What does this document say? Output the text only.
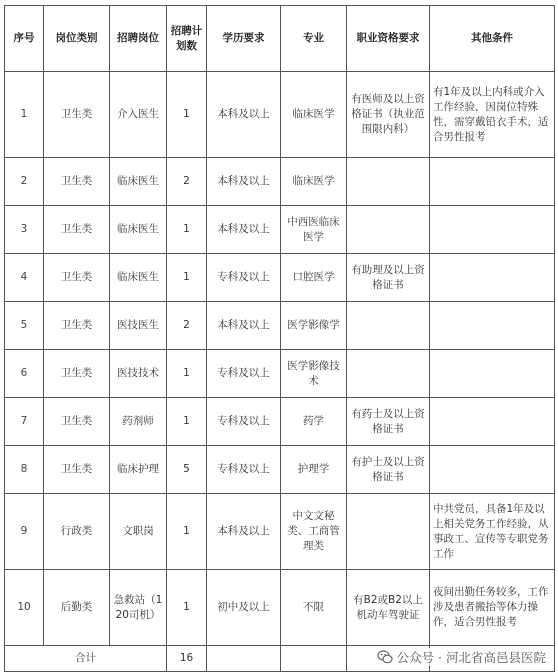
序号	岗位类别	招聘岗位	招聘计划数	学历要求	专业	职业资格要求	其他条件
1	卫生类	介入医生	1	本科及以上	临床医学	有医师及以上资格证书（执业范围限内科）	有1年及以上内科或介入工作经验，因岗位特殊性，需穿戴铅衣手术，适合男性报考
2	卫生类	临床医生	2	本科及以上	临床医学		
3	卫生类	临床医生	1	本科及以上	中西医临床医学		
4	卫生类	临床医生	1	专科及以上	口腔医学	有助理及以上资格证书	
5	卫生类	医技医生	2	本科及以上	医学影像学		
6	卫生类	医技技术	1	专科及以上	医学影像技术		
7	卫生类	药剂师	1	专科及以上	药学	有药士及以上资格证书	
8	卫生类	临床护理	5	专科及以上	护理学	有护士及以上资格证书	
9	行政类	文职岗	1	本科及以上	中文文秘类、工商管理类		中共党员，具备1年及以上相关党务工作经验，从事政工、宣传等专职党务工作
10	后勤类	急救站（120司机）	1	初中及以上	不限	有B2或B2以上机动车驾驶证	夜间出勤任务较多，工作涉及患者搬抬等体力操作，适合男性报考
合计			16					公众号 · 河北省高邑县医院
